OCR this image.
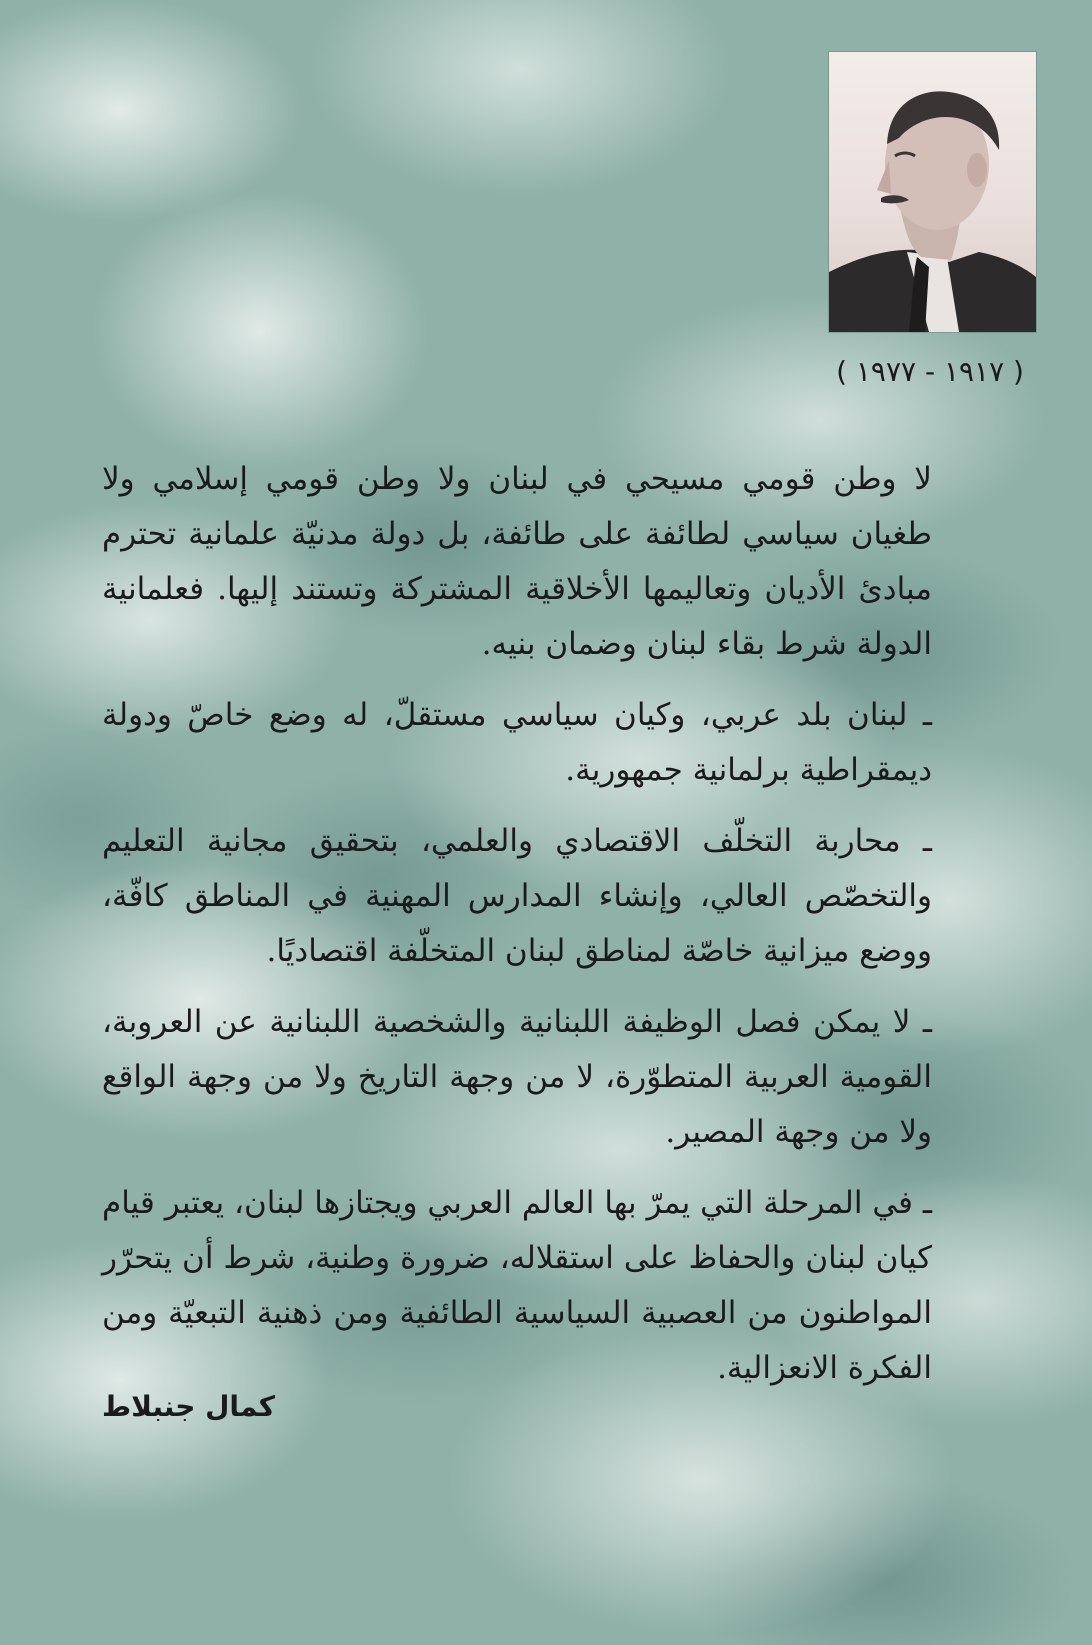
( ١٩١٧ - ١٩٧٧ )

لا وطن قومي مسيحي في لبنان ولا وطن قومي إسلامي ولا طغيان سياسي لطائفة على طائفة، بل دولة مدنيّة علمانية تحترم مبادئ الأديان وتعاليمها الأخلاقية المشتركة وتستند إليها. فعلمانية الدولة شرط بقاء لبنان وضمان بنيه.

ـ لبنان بلد عربي، وكيان سياسي مستقلّ، له وضع خاصّ ودولة ديمقراطية برلمانية جمهورية.

ـ محاربة التخلّف الاقتصادي والعلمي، بتحقيق مجانية التعليم والتخصّص العالي، وإنشاء المدارس المهنية في المناطق كافّة، ووضع ميزانية خاصّة لمناطق لبنان المتخلّفة اقتصاديًا.

ـ لا يمكن فصل الوظيفة اللبنانية والشخصية اللبنانية عن العروبة، القومية العربية المتطوّرة، لا من وجهة التاريخ ولا من وجهة الواقع ولا من وجهة المصير.

ـ في المرحلة التي يمرّ بها العالم العربي ويجتازها لبنان، يعتبر قيام كيان لبنان والحفاظ على استقلاله، ضرورة وطنية، شرط أن يتحرّر المواطنون من العصبية السياسية الطائفية ومن ذهنية التبعيّة ومن الفكرة الانعزالية.

كمال جنبلاط
